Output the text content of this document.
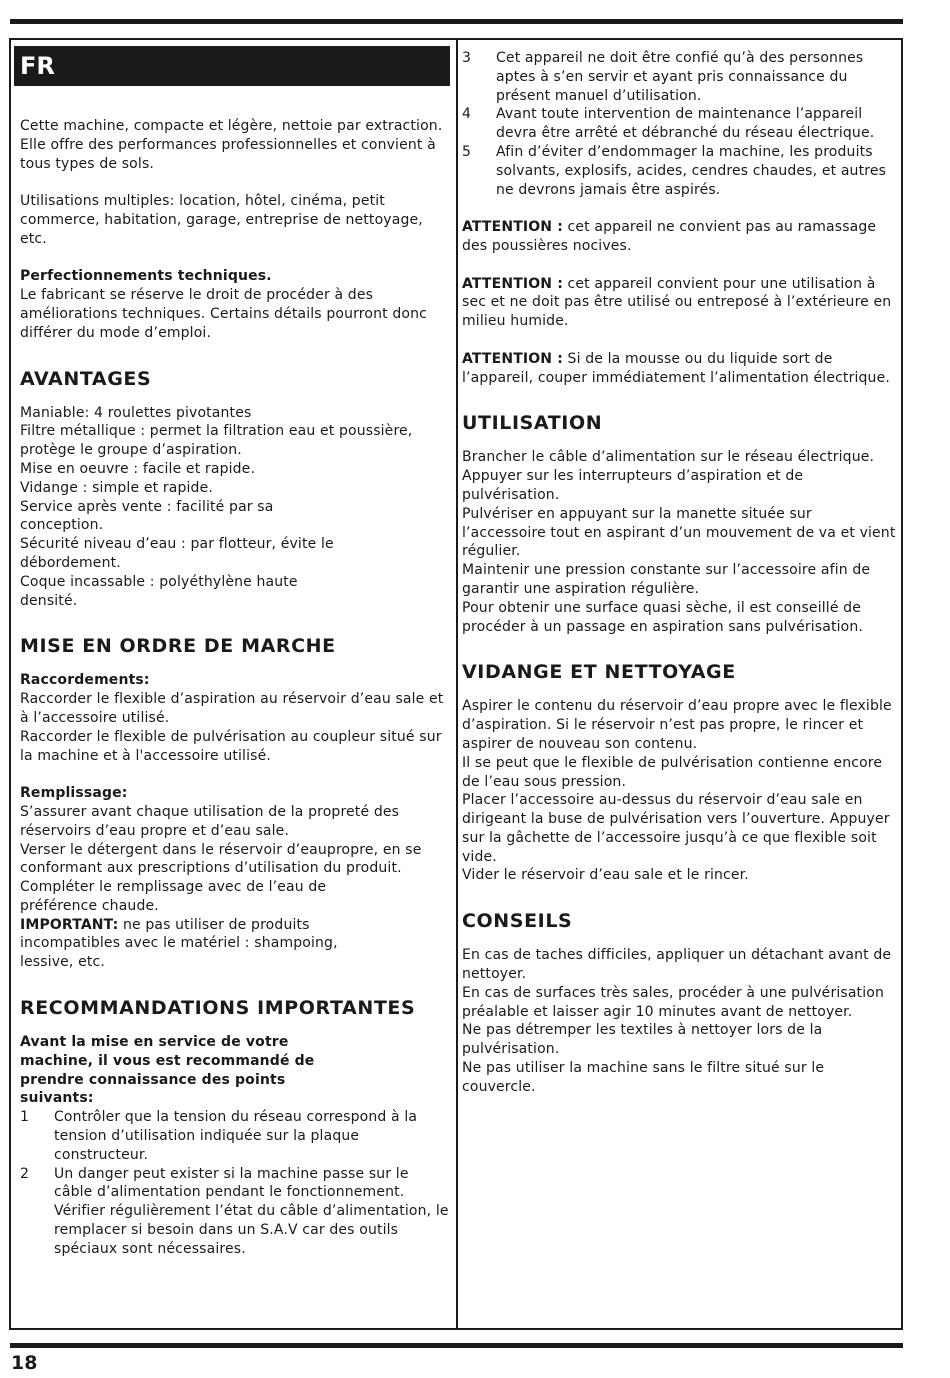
FR

Cette machine, compacte et légère, nettoie par extraction. Elle offre des performances professionnelles et convient à tous types de sols.

Utilisations multiples: location, hôtel, cinéma, petit commerce, habitation, garage, entreprise de nettoyage, etc.

Perfectionnements techniques.

Le fabricant se réserve le droit de procéder à des améliorations techniques. Certains détails pourront donc différer du mode d’emploi.

AVANTAGES

Maniable: 4 roulettes pivotantes

Filtre métallique : permet la filtration eau et poussière, protège le groupe d’aspiration.

Mise en oeuvre : facile et rapide.

Vidange : simple et rapide.

Service après vente : facilité par sa conception.

Sécurité niveau d’eau : par flotteur, évite le débordement.

Coque incassable : polyéthylène haute densité.

MISE EN ORDRE DE MARCHE

Raccordements:

Raccorder le flexible d’aspiration au réservoir d’eau sale et à l’accessoire utilisé.

Raccorder le flexible de pulvérisation au coupleur situé sur la machine et à l'accessoire utilisé.

Remplissage:

S’assurer avant chaque utilisation de la propreté des réservoirs d’eau propre et d’eau sale.

Verser le détergent dans le réservoir d’eaupropre, en se conformant aux prescriptions d’utilisation du produit.

Compléter le remplissage avec de l’eau de préférence chaude.

IMPORTANT: ne pas utiliser de produits incompatibles avec le matériel : shampoing, lessive, etc.

RECOMMANDATIONS IMPORTANTES

Avant la mise en service de votre machine, il vous est recommandé de prendre connaissance des points suivants:

1	Contrôler que la tension du réseau correspond à la tension d’utilisation indiquée sur la plaque constructeur.
2	Un danger peut exister si la machine passe sur le câble d’alimentation pendant le fonctionnement. Vérifier régulièrement l’état du câble d’alimentation, le remplacer si besoin dans un S.A.V car des outils spéciaux sont nécessaires.
3	Cet appareil ne doit être confié qu’à des personnes aptes à s’en servir et ayant pris connaissance du présent manuel d’utilisation.
4	Avant toute intervention de maintenance l’appareil devra être arrêté et débranché du réseau électrique.
5	Afin d’éviter d’endommager la machine, les produits solvants, explosifs, acides, cendres chaudes, et autres ne devrons jamais être aspirés.

ATTENTION : cet appareil ne convient pas au ramassage des poussières nocives.

ATTENTION : cet appareil convient pour une utilisation à sec et ne doit pas être utilisé ou entreposé à l’extérieure en milieu humide.

ATTENTION : Si de la mousse ou du liquide sort de l’appareil, couper immédiatement l’alimentation électrique.

UTILISATION

Brancher le câble d’alimentation sur le réseau électrique.

Appuyer sur les interrupteurs d’aspiration et de pulvérisation.

Pulvériser en appuyant sur la manette située sur l’accessoire tout en aspirant d’un mouvement de va et vient régulier.

Maintenir une pression constante sur l’accessoire afin de garantir une aspiration régulière.

Pour obtenir une surface quasi sèche, il est conseillé de procéder à un passage en aspiration sans pulvérisation.

VIDANGE ET NETTOYAGE

Aspirer le contenu du réservoir d’eau propre avec le flexible d’aspiration. Si le réservoir n’est pas propre, le rincer et aspirer de nouveau son contenu.

Il se peut que le flexible de pulvérisation contienne encore de l’eau sous pression.

Placer l’accessoire au-dessus du réservoir d’eau sale en dirigeant la buse de pulvérisation vers l’ouverture. Appuyer sur la gâchette de l’accessoire jusqu’à ce que flexible soit vide.

Vider le réservoir d’eau sale et le rincer.

CONSEILS

En cas de taches difficiles, appliquer un détachant avant de nettoyer.

En cas de surfaces très sales, procéder à une pulvérisation préalable et laisser agir 10 minutes avant de nettoyer.

Ne pas détremper les textiles à nettoyer lors de la pulvérisation.

Ne pas utiliser la machine sans le filtre situé sur le couvercle.

18
